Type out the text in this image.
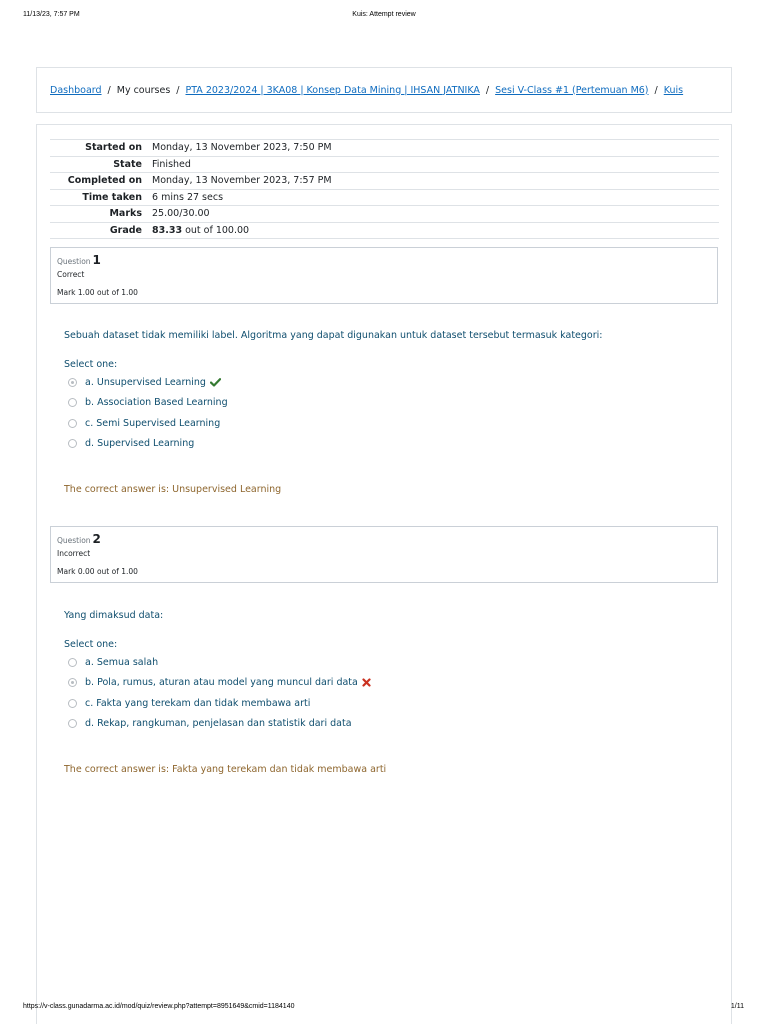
11/13/23, 7:57 PM	Kuis: Attempt review
Dashboard / My courses / PTA 2023/2024 | 3KA08 | Konsep Data Mining | IHSAN JATNIKA / Sesi V-Class #1 (Pertemuan M6) / Kuis
Started on	Monday, 13 November 2023, 7:50 PM
State	Finished
Completed on	Monday, 13 November 2023, 7:57 PM
Time taken	6 mins 27 secs
Marks	25.00/30.00
Grade	83.33 out of 100.00
Question 1
Correct
Mark 1.00 out of 1.00
Sebuah dataset tidak memiliki label. Algoritma yang dapat digunakan untuk dataset tersebut termasuk kategori:
Select one:
a. Unsupervised Learning
b. Association Based Learning
c. Semi Supervised Learning
d. Supervised Learning
The correct answer is: Unsupervised Learning
Question 2
Incorrect
Mark 0.00 out of 1.00
Yang dimaksud data:
Select one:
a. Semua salah
b. Pola, rumus, aturan atau model yang muncul dari data
c. Fakta yang terekam dan tidak membawa arti
d. Rekap, rangkuman, penjelasan dan statistik dari data
The correct answer is: Fakta yang terekam dan tidak membawa arti
https://v-class.gunadarma.ac.id/mod/quiz/review.php?attempt=8951649&cmid=1184140	1/11
